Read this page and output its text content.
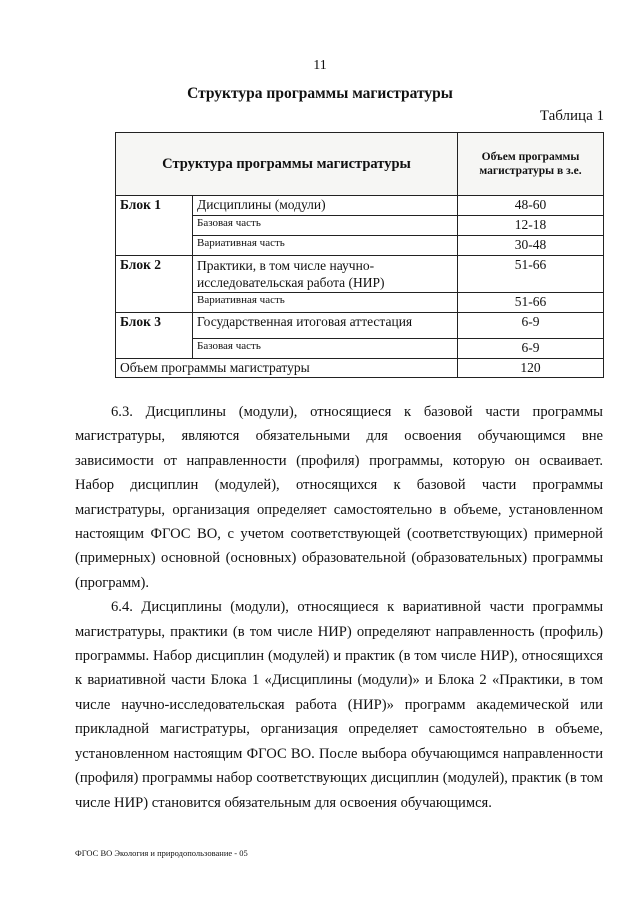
11
Структура программы магистратуры
Таблица 1
Структура программы магистратуры		Объем программы магистратуры в з.е.
Блок 1	Дисциплины (модули)	48-60
	Базовая часть	12-18
	Вариативная часть	30-48
Блок 2	Практики, в том числе научно-исследовательская работа (НИР)	51-66
	Вариативная часть	51-66
Блок 3	Государственная итоговая аттестация	6-9
	Базовая часть	6-9
Объем программы магистратуры		120

6.3. Дисциплины (модули), относящиеся к базовой части программы магистратуры, являются обязательными для освоения обучающимся вне зависимости от направленности (профиля) программы, которую он осваивает. Набор дисциплин (модулей), относящихся к базовой части программы магистратуры, организация определяет самостоятельно в объеме, установленном настоящим ФГОС ВО, с учетом соответствующей (соответствующих) примерной (примерных) основной (основных) образовательной (образовательных) программы (программ).

6.4. Дисциплины (модули), относящиеся к вариативной части программы магистратуры, практики (в том числе НИР) определяют направленность (профиль) программы. Набор дисциплин (модулей) и практик (в том числе НИР), относящихся к вариативной части Блока 1 «Дисциплины (модули)» и Блока 2 «Практики, в том числе научно-исследовательская работа (НИР)» программ академической или прикладной магистратуры, организация определяет самостоятельно в объеме, установленном настоящим ФГОС ВО. После выбора обучающимся направленности (профиля) программы набор соответствующих дисциплин (модулей), практик (в том числе НИР) становится обязательным для освоения обучающимся.

ФГОС ВО Экология и природопользование - 05
